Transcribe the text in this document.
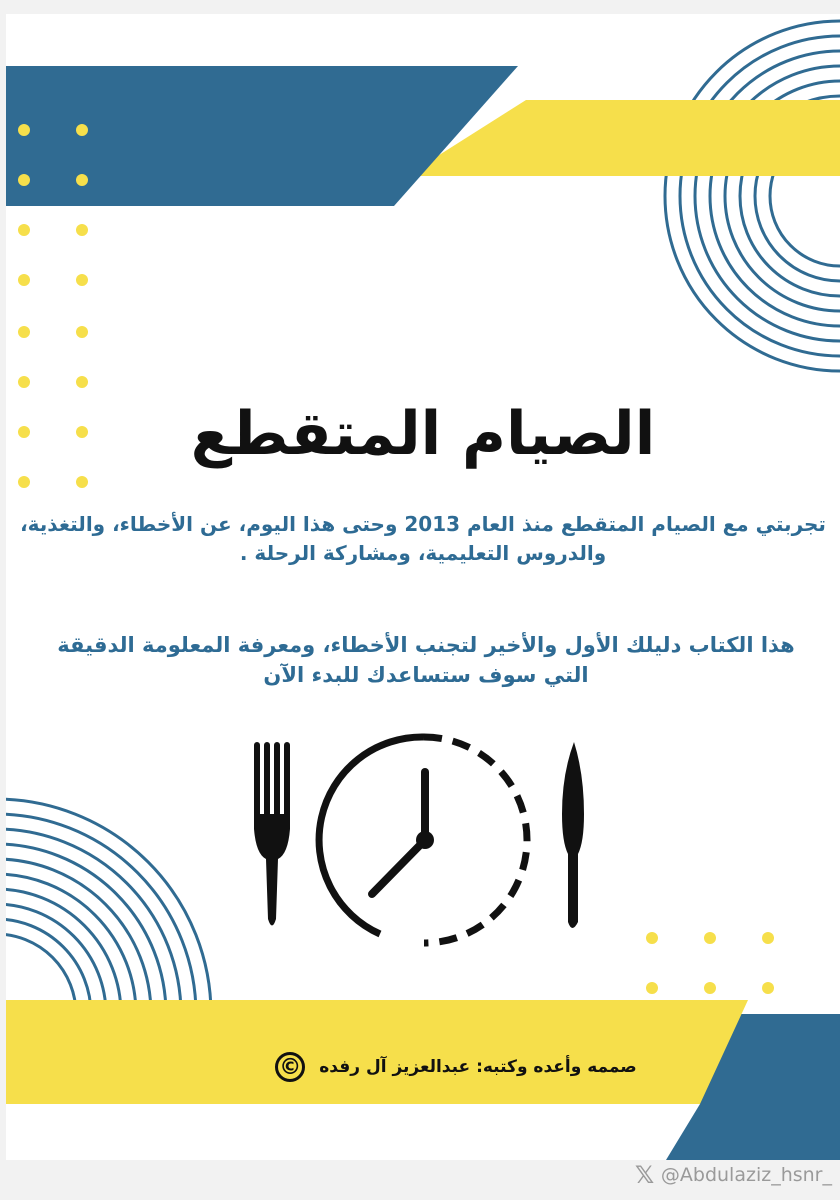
الصيام المتقطع
تجربتي مع الصيام المتقطع منذ العام 2013 وحتى هذا اليوم، عن الأخطاء، والتغذية، والدروس التعليمية، ومشاركة الرحلة .
هذا الكتاب دليلك الأول والأخير لتجنب الأخطاء، ومعرفة المعلومة الدقيقة التي سوف ستساعدك للبدء الآن
© صممه وأعده وكتبه: عبدالعزيز آل رفده
𝕏 @Abdulaziz_hsnr_
